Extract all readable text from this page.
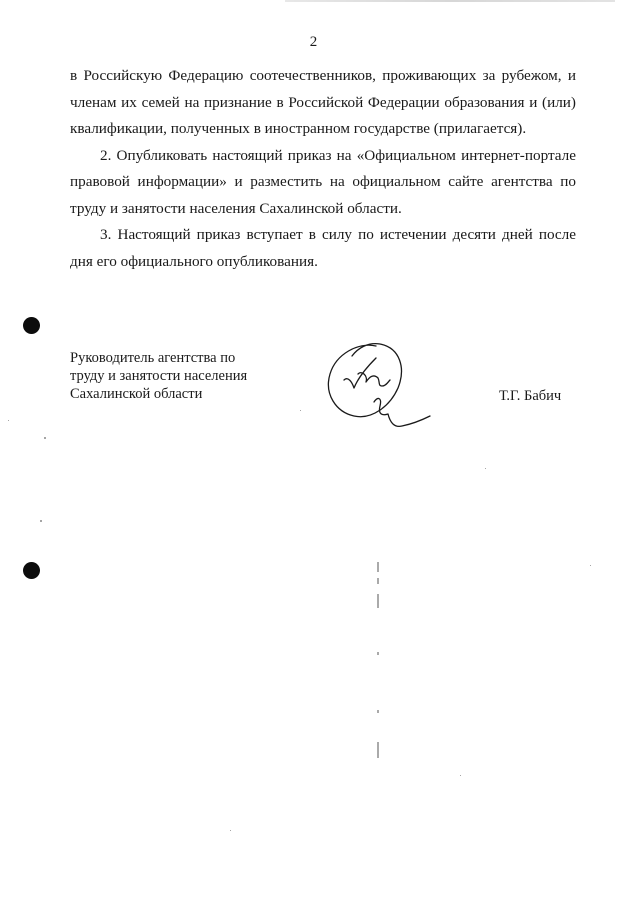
2

в Российскую Федерацию соотечественников, проживающих за рубежом, и членам их семей на признание в Российской Федерации образования и (или) квалификации, полученных в иностранном государстве (прилагается).

2. Опубликовать настоящий приказ на «Официальном интернет-портале правовой информации» и разместить на официальном сайте агентства по труду и занятости населения Сахалинской области.

3. Настоящий приказ вступает в силу по истечении десяти дней после дня его официального опубликования.

Руководитель агентства по
труду и занятости населения
Сахалинской области	Т.Г. Бабич
